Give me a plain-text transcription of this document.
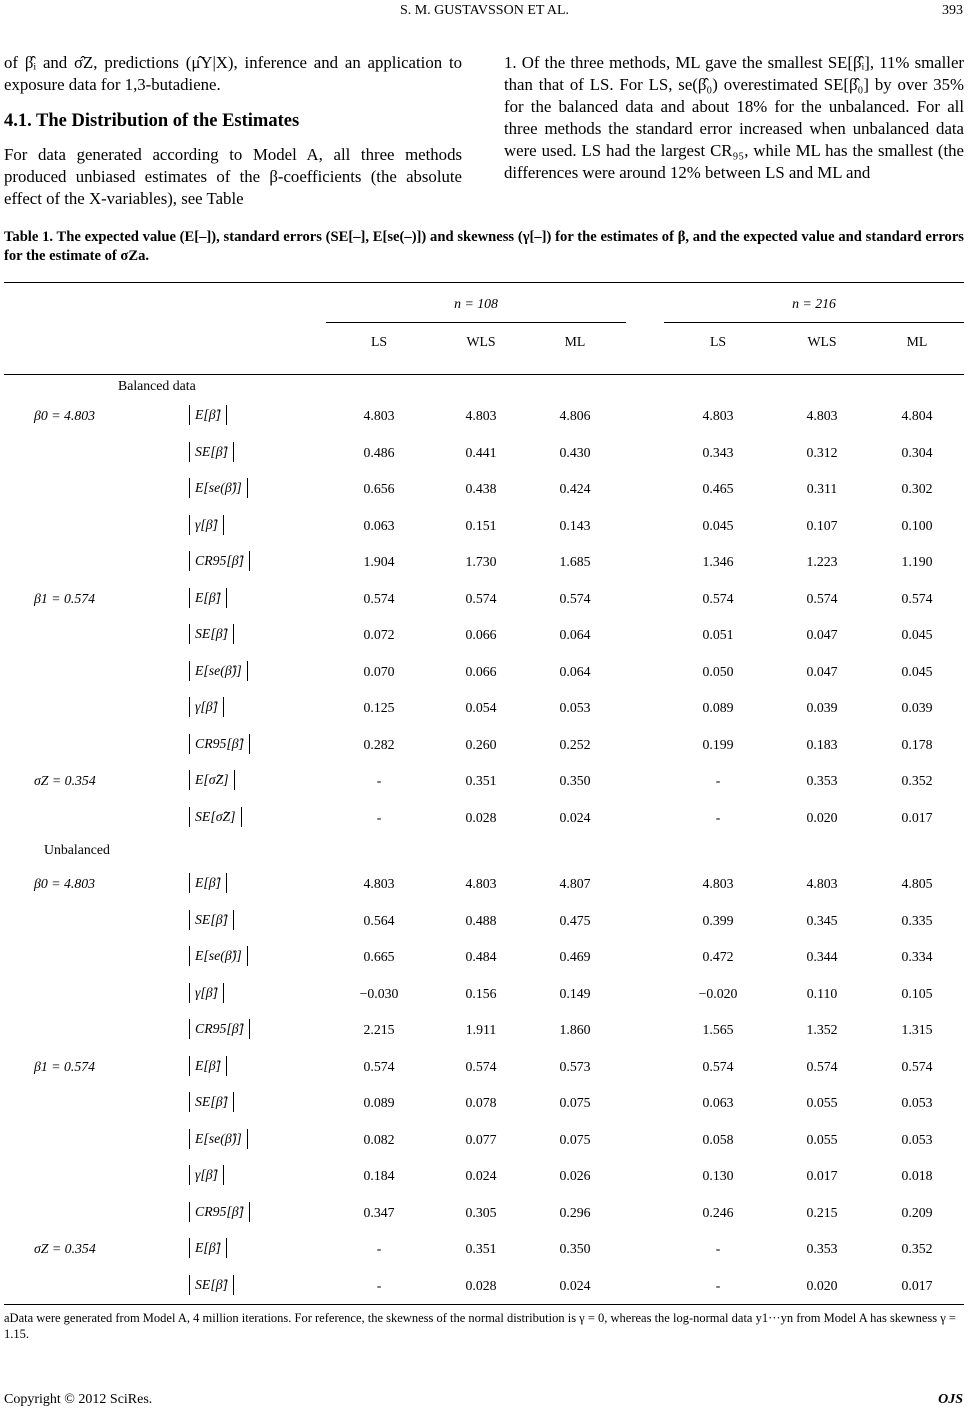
S. M. GUSTAVSSON ET AL.	393

of β̂ᵢ and σ̂Z, predictions (μ̂Y|X), inference and an application to exposure data for 1,3-butadiene.

4.1. The Distribution of the Estimates

For data generated according to Model A, all three methods produced unbiased estimates of the β-coefficients (the absolute effect of the X-variables), see Table

1. Of the three methods, ML gave the smallest SE[β̂ᵢ], 11% smaller than that of LS. For LS, se(β̂₀) overestimated SE[β̂₀] by over 35% for the balanced data and about 18% for the unbalanced. For all three methods the standard error increased when unbalanced data were used. LS had the largest CR₉₅, while ML has the smallest (the differences were around 12% between LS and ML and

Table 1. The expected value (E[–]), standard errors (SE[–], E[se(–)]) and skewness (γ[–]) for the estimates of β, and the expected value and standard errors for the estimate of σZa.
n = 108	n = 216
LS	WLS	ML	LS	WLS	ML
Balanced data
β0 = 4.803	E[β̂]	4.803	4.803	4.806	4.803	4.803	4.804
SE[β̂]	0.486	0.441	0.430	0.343	0.312	0.304
E[se(β̂)]	0.656	0.438	0.424	0.465	0.311	0.302
γ[β̂]	0.063	0.151	0.143	0.045	0.107	0.100
CR95[β̂]	1.904	1.730	1.685	1.346	1.223	1.190
β1 = 0.574	E[β̂]	0.574	0.574	0.574	0.574	0.574	0.574
SE[β̂]	0.072	0.066	0.064	0.051	0.047	0.045
E[se(β̂)]	0.070	0.066	0.064	0.050	0.047	0.045
γ[β̂]	0.125	0.054	0.053	0.089	0.039	0.039
CR95[β̂]	0.282	0.260	0.252	0.199	0.183	0.178
σZ = 0.354	E[σ̂Z]	-	0.351	0.350	-	0.353	0.352
SE[σ̂Z]	-	0.028	0.024	-	0.020	0.017
Unbalanced
β0 = 4.803	E[β̂]	4.803	4.803	4.807	4.803	4.803	4.805
SE[β̂]	0.564	0.488	0.475	0.399	0.345	0.335
E[se(β̂)]	0.665	0.484	0.469	0.472	0.344	0.334
γ[β̂]	−0.030	0.156	0.149	−0.020	0.110	0.105
CR95[β̂]	2.215	1.911	1.860	1.565	1.352	1.315
β1 = 0.574	E[β̂]	0.574	0.574	0.573	0.574	0.574	0.574
SE[β̂]	0.089	0.078	0.075	0.063	0.055	0.053
E[se(β̂)]	0.082	0.077	0.075	0.058	0.055	0.053
γ[β̂]	0.184	0.024	0.026	0.130	0.017	0.018
CR95[β̂]	0.347	0.305	0.296	0.246	0.215	0.209
σZ = 0.354	E[β̂]	-	0.351	0.350	-	0.353	0.352
SE[β̂]	-	0.028	0.024	-	0.020	0.017
aData were generated from Model A, 4 million iterations. For reference, the skewness of the normal distribution is γ = 0, whereas the log-normal data y1···yn from Model A has skewness γ = 1.15.
Copyright © 2012 SciRes.	OJS
